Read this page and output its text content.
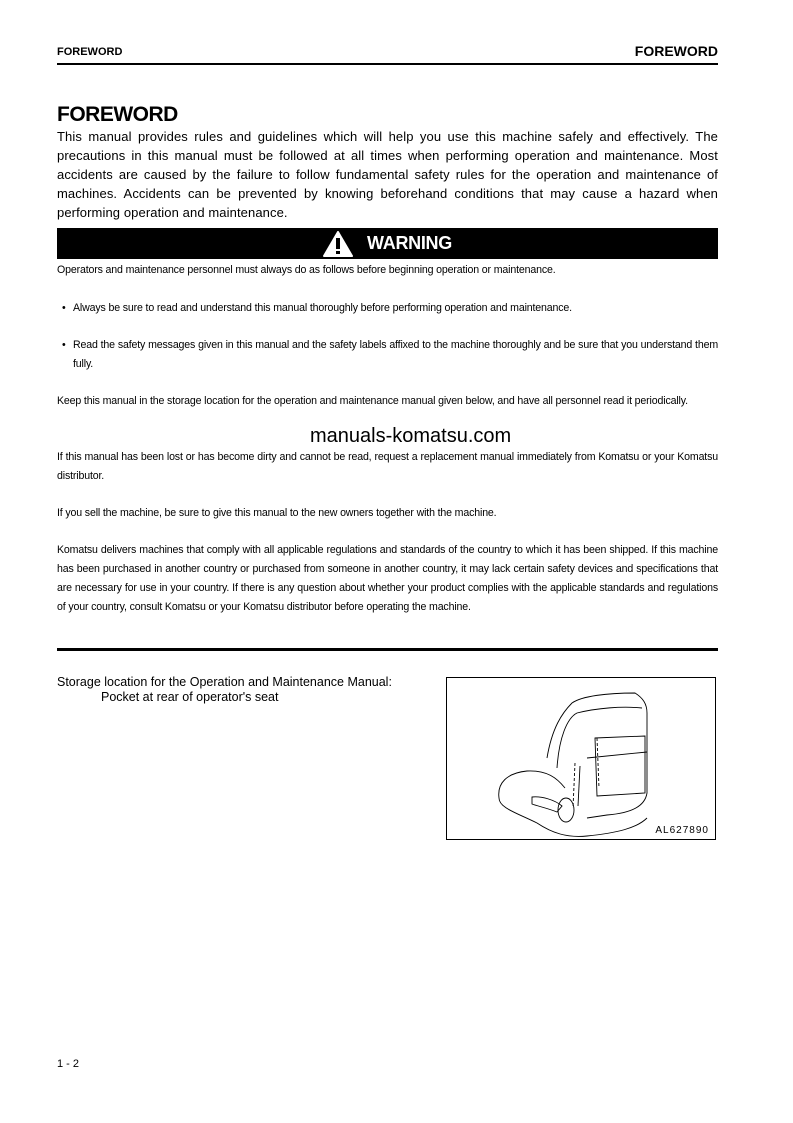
FOREWORD	FOREWORD
FOREWORD
This manual provides rules and guidelines which will help you use this machine safely and effectively. The precautions in this manual must be followed at all times when performing operation and maintenance. Most accidents are caused by the failure to follow fundamental safety rules for the operation and maintenance of machines. Accidents can be prevented by knowing beforehand conditions that may cause a hazard when performing operation and maintenance.
WARNING
Operators and maintenance personnel must always do as follows before beginning operation or maintenance.
• Always be sure to read and understand this manual thoroughly before performing operation and maintenance.
• Read the safety messages given in this manual and the safety labels affixed to the machine thoroughly and be sure that you understand them fully.
Keep this manual in the storage location for the operation and maintenance manual given below, and have all personnel read it periodically.
manuals-komatsu.com
If this manual has been lost or has become dirty and cannot be read, request a replacement manual immediately from Komatsu or your Komatsu distributor.
If you sell the machine, be sure to give this manual to the new owners together with the machine.
Komatsu delivers machines that comply with all applicable regulations and standards of the country to which it has been shipped. If this machine has been purchased in another country or purchased from someone in another country, it may lack certain safety devices and specifications that are necessary for use in your country. If there is any question about whether your product complies with the applicable standards and regulations of your country, consult Komatsu or your Komatsu distributor before operating the machine.
Storage location for the Operation and Maintenance Manual:
Pocket at rear of operator's seat
AL627890
1 - 2
